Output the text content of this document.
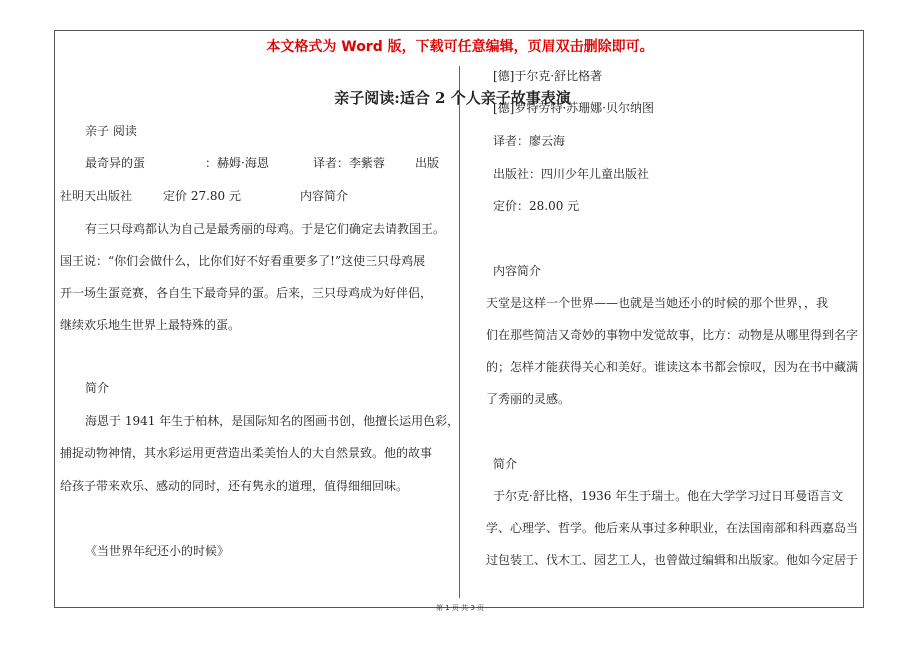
本文格式为 Word 版，下载可任意编辑，页眉双击删除即可。
亲子阅读:适合 2 个人亲子故事表演
亲子 阅读
最奇异的蛋	：赫姆·海恩	译者：李紫蓉 出版
社明天出版社	定价 27.80 元	内容简介
有三只母鸡都认为自己是最秀丽的母鸡。于是它们确定去请教国王。
国王说：“你们会做什么，比你们好不好看重要多了!”这使三只母鸡展
开一场生蛋竞赛，各自生下最奇异的蛋。后来，三只母鸡成为好伴侣，
继续欢乐地生世界上最特殊的蛋。
简介
海恩于 1941 年生于柏林，是国际知名的图画书创，他擅长运用色彩，
捕捉动物神情，其水彩运用更营造出柔美怡人的大自然景致。他的故事
给孩子带来欢乐、感动的同时，还有隽永的道理，值得细细回味。
《当世界年纪还小的时候》
[德]于尔克·舒比格著
[德]罗特劳特·苏珊娜·贝尔纳图
译者：廖云海
出版社：四川少年儿童出版社
定价：28.00 元
内容简介
天堂是这样一个世界——也就是当她还小的时候的那个世界，，我
们在那些简洁又奇妙的事物中发觉故事，比方：动物是从哪里得到名字
的；怎样才能获得关心和美好。谁读这本书都会惊叹，因为在书中藏满
了秀丽的灵感。
简介
于尔克·舒比格，1936 年生于瑞士。他在大学学习过日耳曼语言文
学、心理学、哲学。他后来从事过多种职业，在法国南部和科西嘉岛当
过包装工、伐木工、园艺工人，也曾做过编辑和出版家。他如今定居于
第 1 页 共 3 页
